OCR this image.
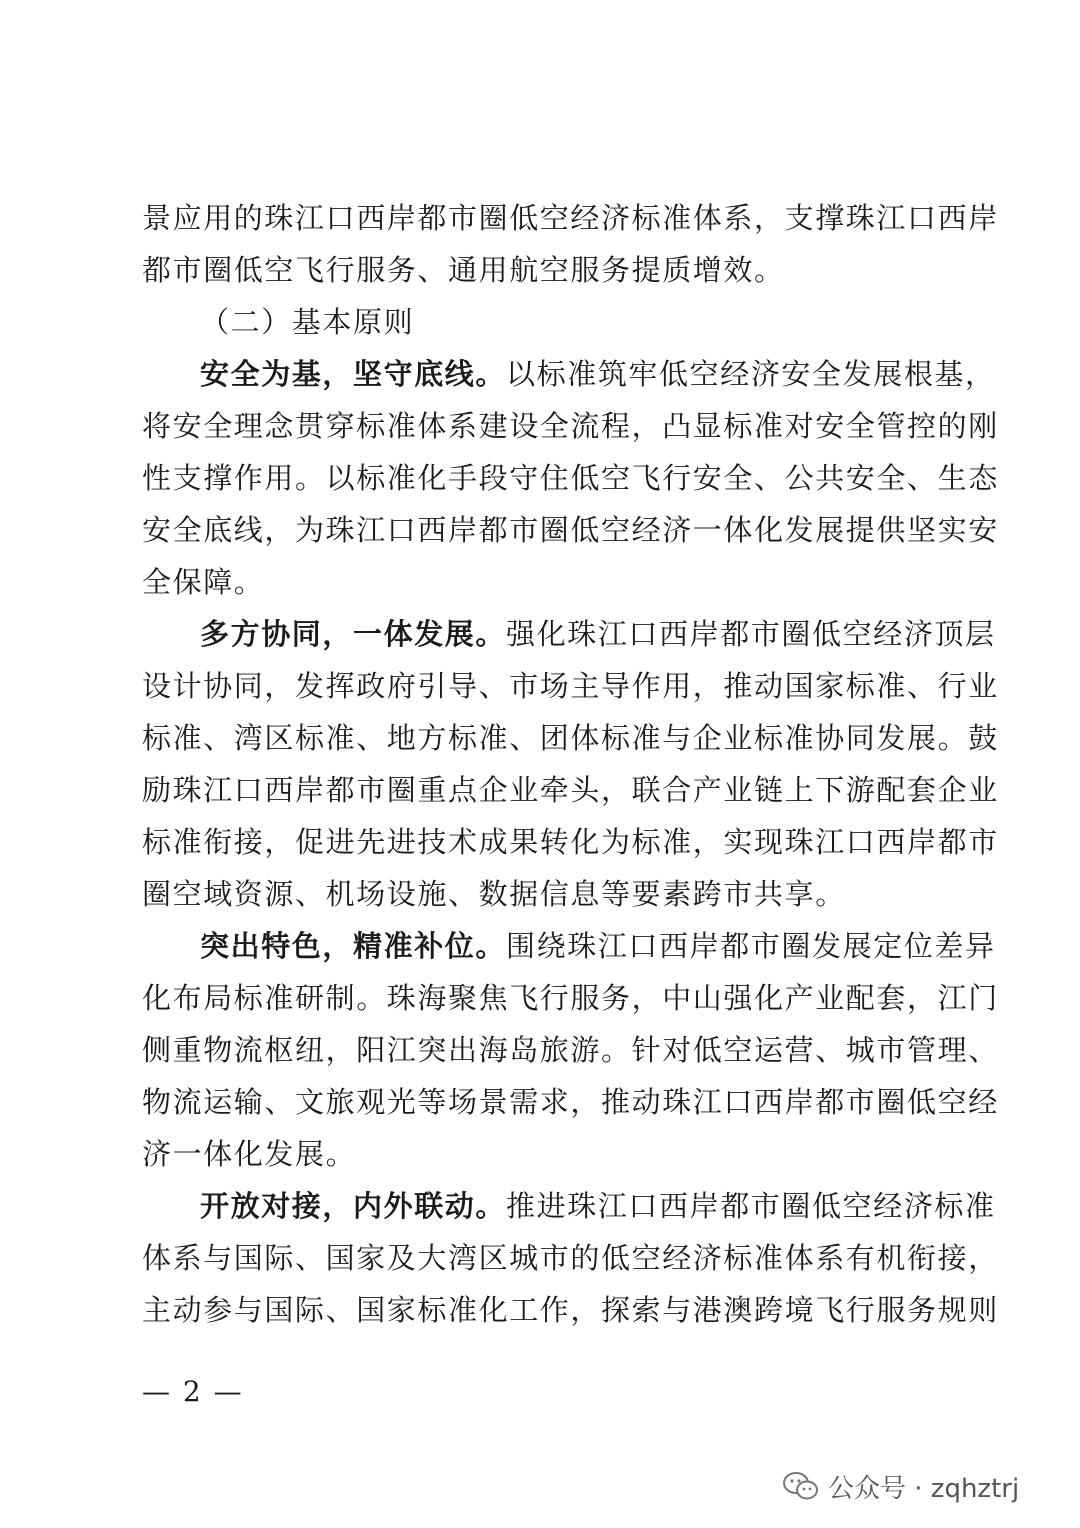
景应用的珠江口西岸都市圈低空经济标准体系，支撑珠江口西岸
都市圈低空飞行服务、通用航空服务提质增效。
（二）基本原则
安全为基，坚守底线。以标准筑牢低空经济安全发展根基，
将安全理念贯穿标准体系建设全流程，凸显标准对安全管控的刚
性支撑作用。以标准化手段守住低空飞行安全、公共安全、生态
安全底线，为珠江口西岸都市圈低空经济一体化发展提供坚实安
全保障。
多方协同，一体发展。强化珠江口西岸都市圈低空经济顶层
设计协同，发挥政府引导、市场主导作用，推动国家标准、行业
标准、湾区标准、地方标准、团体标准与企业标准协同发展。鼓
励珠江口西岸都市圈重点企业牵头，联合产业链上下游配套企业
标准衔接，促进先进技术成果转化为标准，实现珠江口西岸都市
圈空域资源、机场设施、数据信息等要素跨市共享。
突出特色，精准补位。围绕珠江口西岸都市圈发展定位差异
化布局标准研制。珠海聚焦飞行服务，中山强化产业配套，江门
侧重物流枢纽，阳江突出海岛旅游。针对低空运营、城市管理、
物流运输、文旅观光等场景需求，推动珠江口西岸都市圈低空经
济一体化发展。
开放对接，内外联动。推进珠江口西岸都市圈低空经济标准
体系与国际、国家及大湾区城市的低空经济标准体系有机衔接，
主动参与国际、国家标准化工作，探索与港澳跨境飞行服务规则
— 2 —
公众号 · zqhztrj
